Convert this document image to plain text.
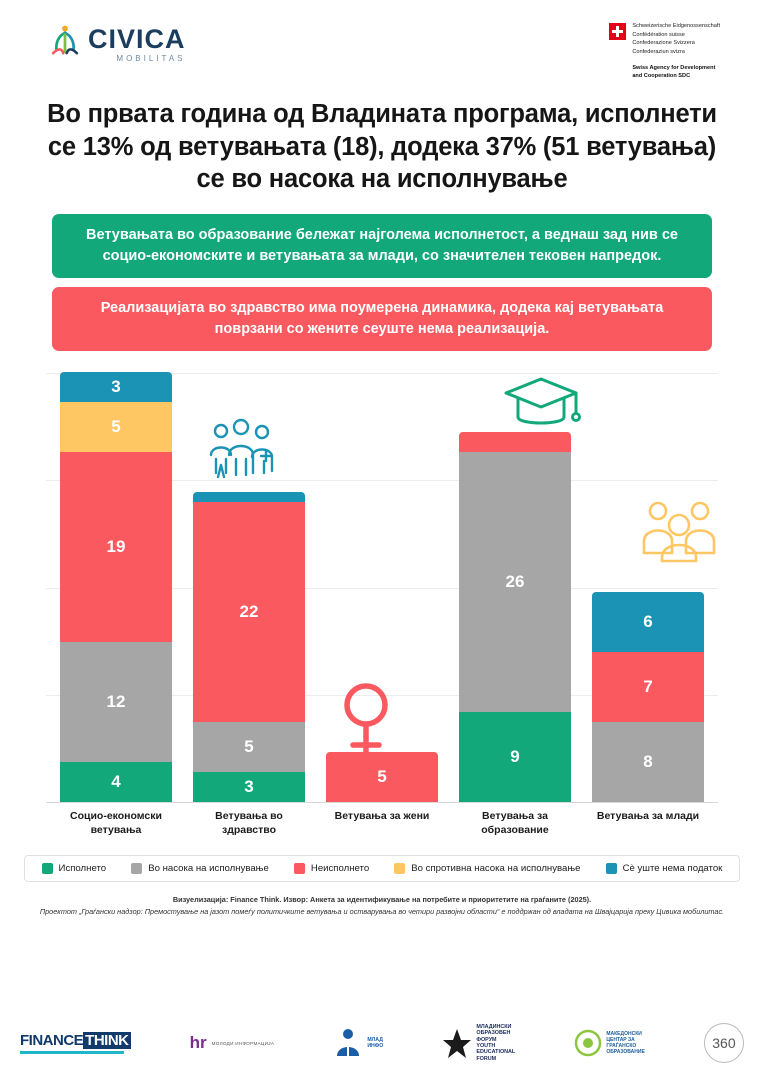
CIVICA
MOBILITAS
Schweizerische Eidgenossenschaft
Confédération suisse
Confederazione Svizzera
Confederaziun svizra
Swiss Agency for Development
and Cooperation SDC
Во првата година од Владината програма, исполнети се 13% од ветувањата (18), додека 37% (51 ветувања) се во насока на исполнување
Ветувањата во образование бележат најголема исполнетост, а веднаш зад нив се социо-економските и ветувањата за млади, со значителен тековен напредок.
Реализацијата во здравство има поумерена динамика, додека кај ветувањата поврзани со жените сеуште нема реализација.
3
5
19
12
4
22
5
3
5
26
9
6
7
8
Социо-економски ветувања
Ветувања во здравство
Ветувања за жени	Ветувања за образование
Ветувања за млади
Исполнето	Во насока на исполнување	Неисполнето	Во спротивна насока на исполнување	Сè уште нема податок
Визуелизација: Finance Think. Извор: Анкета за идентификување на потребите и приоритетите на граѓаните (2025).
Проектот „Граѓански надзор: Премостување на јазот помеѓу политичките ветувања и остварувања во четири развојни области“ е поддржан од владата на Швајцарија преку Цивика мобилитас.
FINANCE THINK	hr МОЛОДИ ИНФОРМАЦИЈА
МЛАД
ИНФО
МЛАДИНСКИ
ОБРАЗОВЕН
ФОРУМ
YOUTH
EDUCATIONAL
FORUM
МАКЕДОНСКИ
ЦЕНТАР ЗА
ГРАЃАНСКО
ОБРАЗОВАНИЕ
360
